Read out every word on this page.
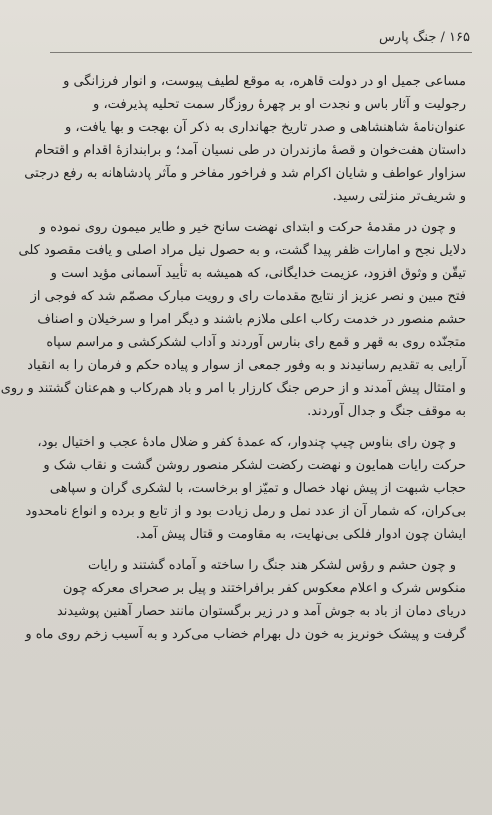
۱۶۵ / جنگ پارس
مساعی جمیل او در دولت قاهره، به موقع لطیف پیوست، و انوار فرزانگی و
رجولیت و آثار باس و نجدت او بر چهرهٔ روزگار سمت تحلیه پذیرفت، و
عنوان‌نامهٔ شاهنشاهی و صدر تاریخ جهانداری به ذکر آن بهجت و بها یافت، و
داستان هفت‌خوان و قصهٔ مازندران در طی نسیان آمد؛ و برابندازهٔ اقدام و اقتحام
سزاوار عواطف و شایان اکرام شد و فراخور مفاخر و مآثر پادشاهانه به رفع درجتی
و شریف‌تر منزلتی رسید.
و چون در مقدمهٔ حرکت و ابتدای نهضت سانح خیر و طایر میمون روی نموده و
دلایل نجح و امارات ظفر پیدا گشت، و به حصول نیل مراد اصلی و یافت مقصود کلی
تیقّن و وثوق افزود، عزیمت خدایگانی، که همیشه به تأیید آسمانی مؤید است و
فتح مبین و نصر عزیز از نتایج مقدمات رای و رویت مبارک مصمّم شد که فوجی از
حشم منصور در خدمت رکاب اعلی ملازم باشند و دیگر امرا و سرخیلان و اصناف
متجنّده روی به قهر و قمع رای بنارس آوردند و آداب لشکرکشی و مراسم سپاه
آرایی به تقدیم رسانیدند و به وفور جمعی از سوار و پیاده حکم و فرمان را به انقیاد
و امتثال پیش آمدند و از حرص جنگ کارزار با امر و باد هم‌رکاب و هم‌عنان گشتند و روی
به موقف جنگ و جدال آوردند.
و چون رای بناوس چیپ چندوار، که عمدهٔ کفر و ضلال مادهٔ عجب و اختیال بود،
حرکت رایات همایون و نهضت رکضت لشکر منصور روشن گشت و نقاب شک و
حجاب شبهت از پیش نهاد خصال و تمیّز او برخاست، با لشکری گران و سپاهی
بی‌کران، که شمار آن از عدد نمل و رمل زیادت بود و از تابع و برده و انواع نامحدود
ایشان چون ادوار فلکی بی‌نهایت، به مقاومت و قتال پیش آمد.
و چون حشم و رؤس لشکر هند جنگ را ساخته و آماده گشتند و رایات
منکوس شرک و اعلام معکوس کفر برافراختند و پیل بر صحرای معرکه چون
دریای دمان از باد به جوش آمد و در زیر برگستوان مانند حصار آهنین پوشیدند
گرفت و پیشک خونریز به خون دل بهرام خضاب می‌کرد و به آسیب زخم روی ماه و
